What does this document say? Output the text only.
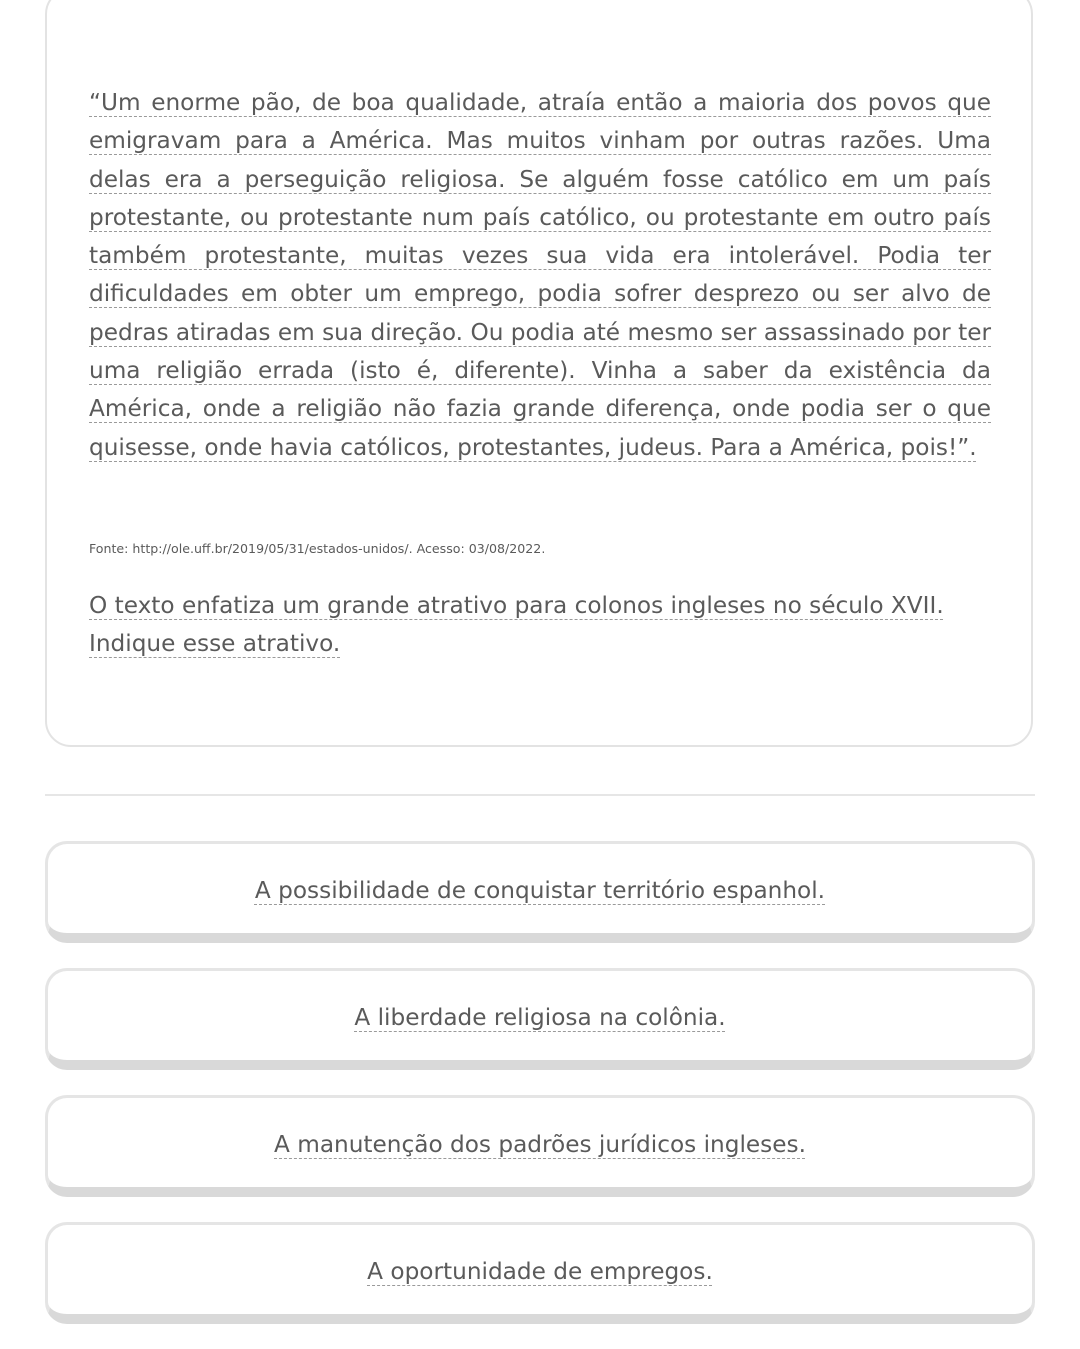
“Um enorme pão, de boa qualidade, atraía então a maioria dos povos que emigravam para a América. Mas muitos vinham por outras razões. Uma delas era a perseguição religiosa. Se alguém fosse católico em um país protestante, ou protestante num país católico, ou protestante em outro país também protestante, muitas vezes sua vida era intolerável. Podia ter dificuldades em obter um emprego, podia sofrer desprezo ou ser alvo de pedras atiradas em sua direção. Ou podia até mesmo ser assassinado por ter uma religião errada (isto é, diferente). Vinha a saber da existência da América, onde a religião não fazia grande diferença, onde podia ser o que quisesse, onde havia católicos, protestantes, judeus. Para a América, pois!”.

Fonte: http://ole.uff.br/2019/05/31/estados-unidos/. Acesso: 03/08/2022.

O texto enfatiza um grande atrativo para colonos ingleses no século XVII. Indique esse atrativo.

A possibilidade de conquistar território espanhol.
A liberdade religiosa na colônia.
A manutenção dos padrões jurídicos ingleses.
A oportunidade de empregos.
